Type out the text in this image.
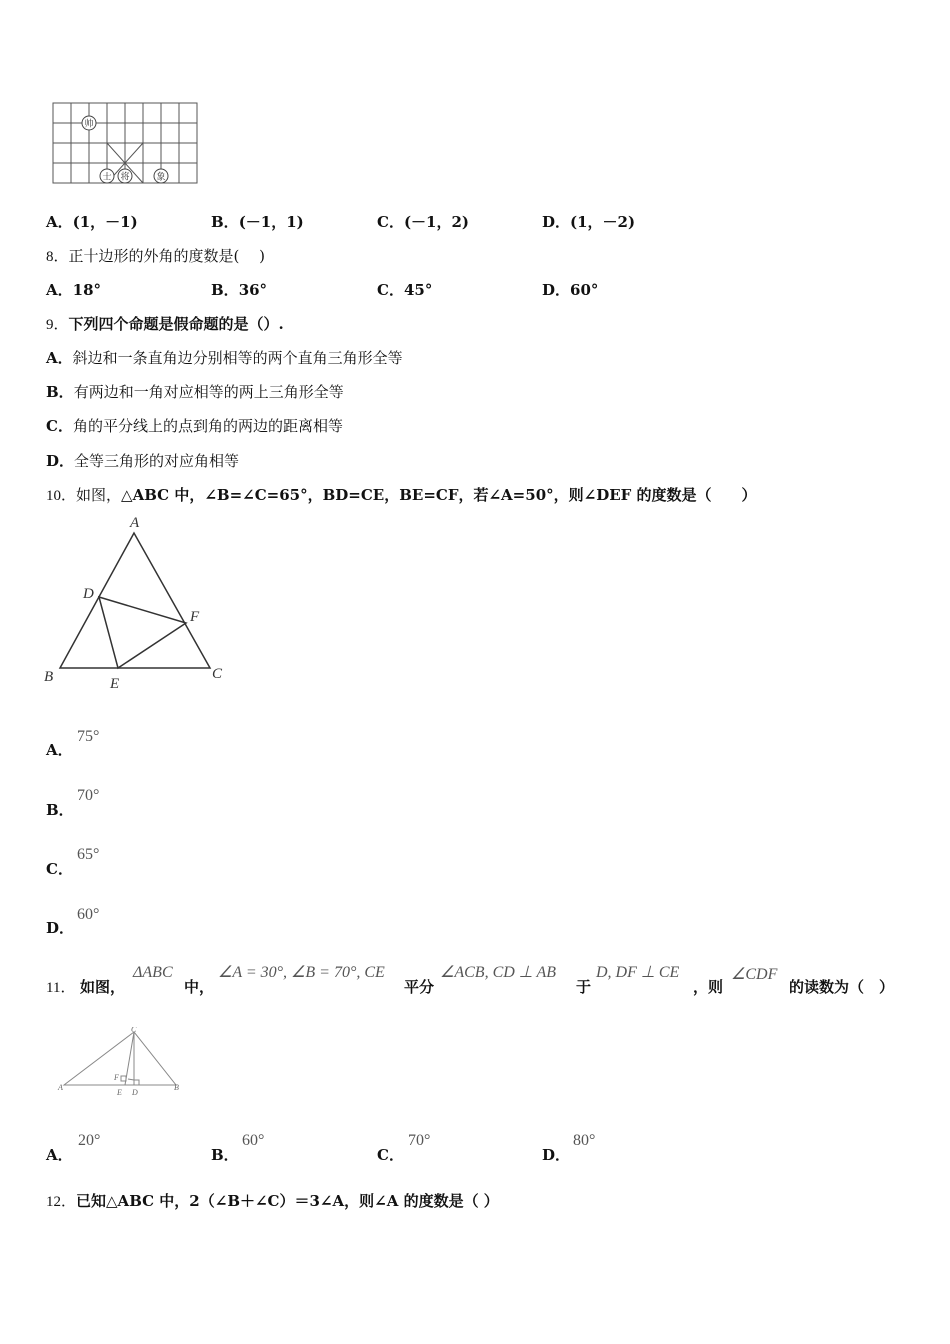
帅
士 将	象
A．(1，－1)	B．(－1，1)	C．(－1，2)	D．(1，－2)
8．正十边形的外角的度数是(　 )
A．18°	B．36°	C．45°	D．60°
9．下列四个命题是假命题的是（）.
A．斜边和一条直角边分别相等的两个直角三角形全等
B．有两边和一角对应相等的两上三角形全等
C．角的平分线上的点到角的两边的距离相等
D．全等三角形的对应角相等
10．如图，△ABC 中，∠B=∠C=65°，BD=CE，BE=CF，若∠A=50°，则∠DEF 的度数是（　　）
A
B	C
D
E
F
A．
75°
B．
70°
C．
65°
D．
60°
11． 如图，
ΔABC
中，
∠A = 30°, ∠B = 70°, CE
平分
∠ACB, CD ⊥ AB
于
D, DF ⊥ CE
，则
∠CDF
的读数为（　）
C
A	B
D
E
F
A．
20°
B．
60°
C．
70°
D．
80°
12．已知△ABC 中，2（∠B＋∠C）＝3∠A，则∠A 的度数是（ ）
